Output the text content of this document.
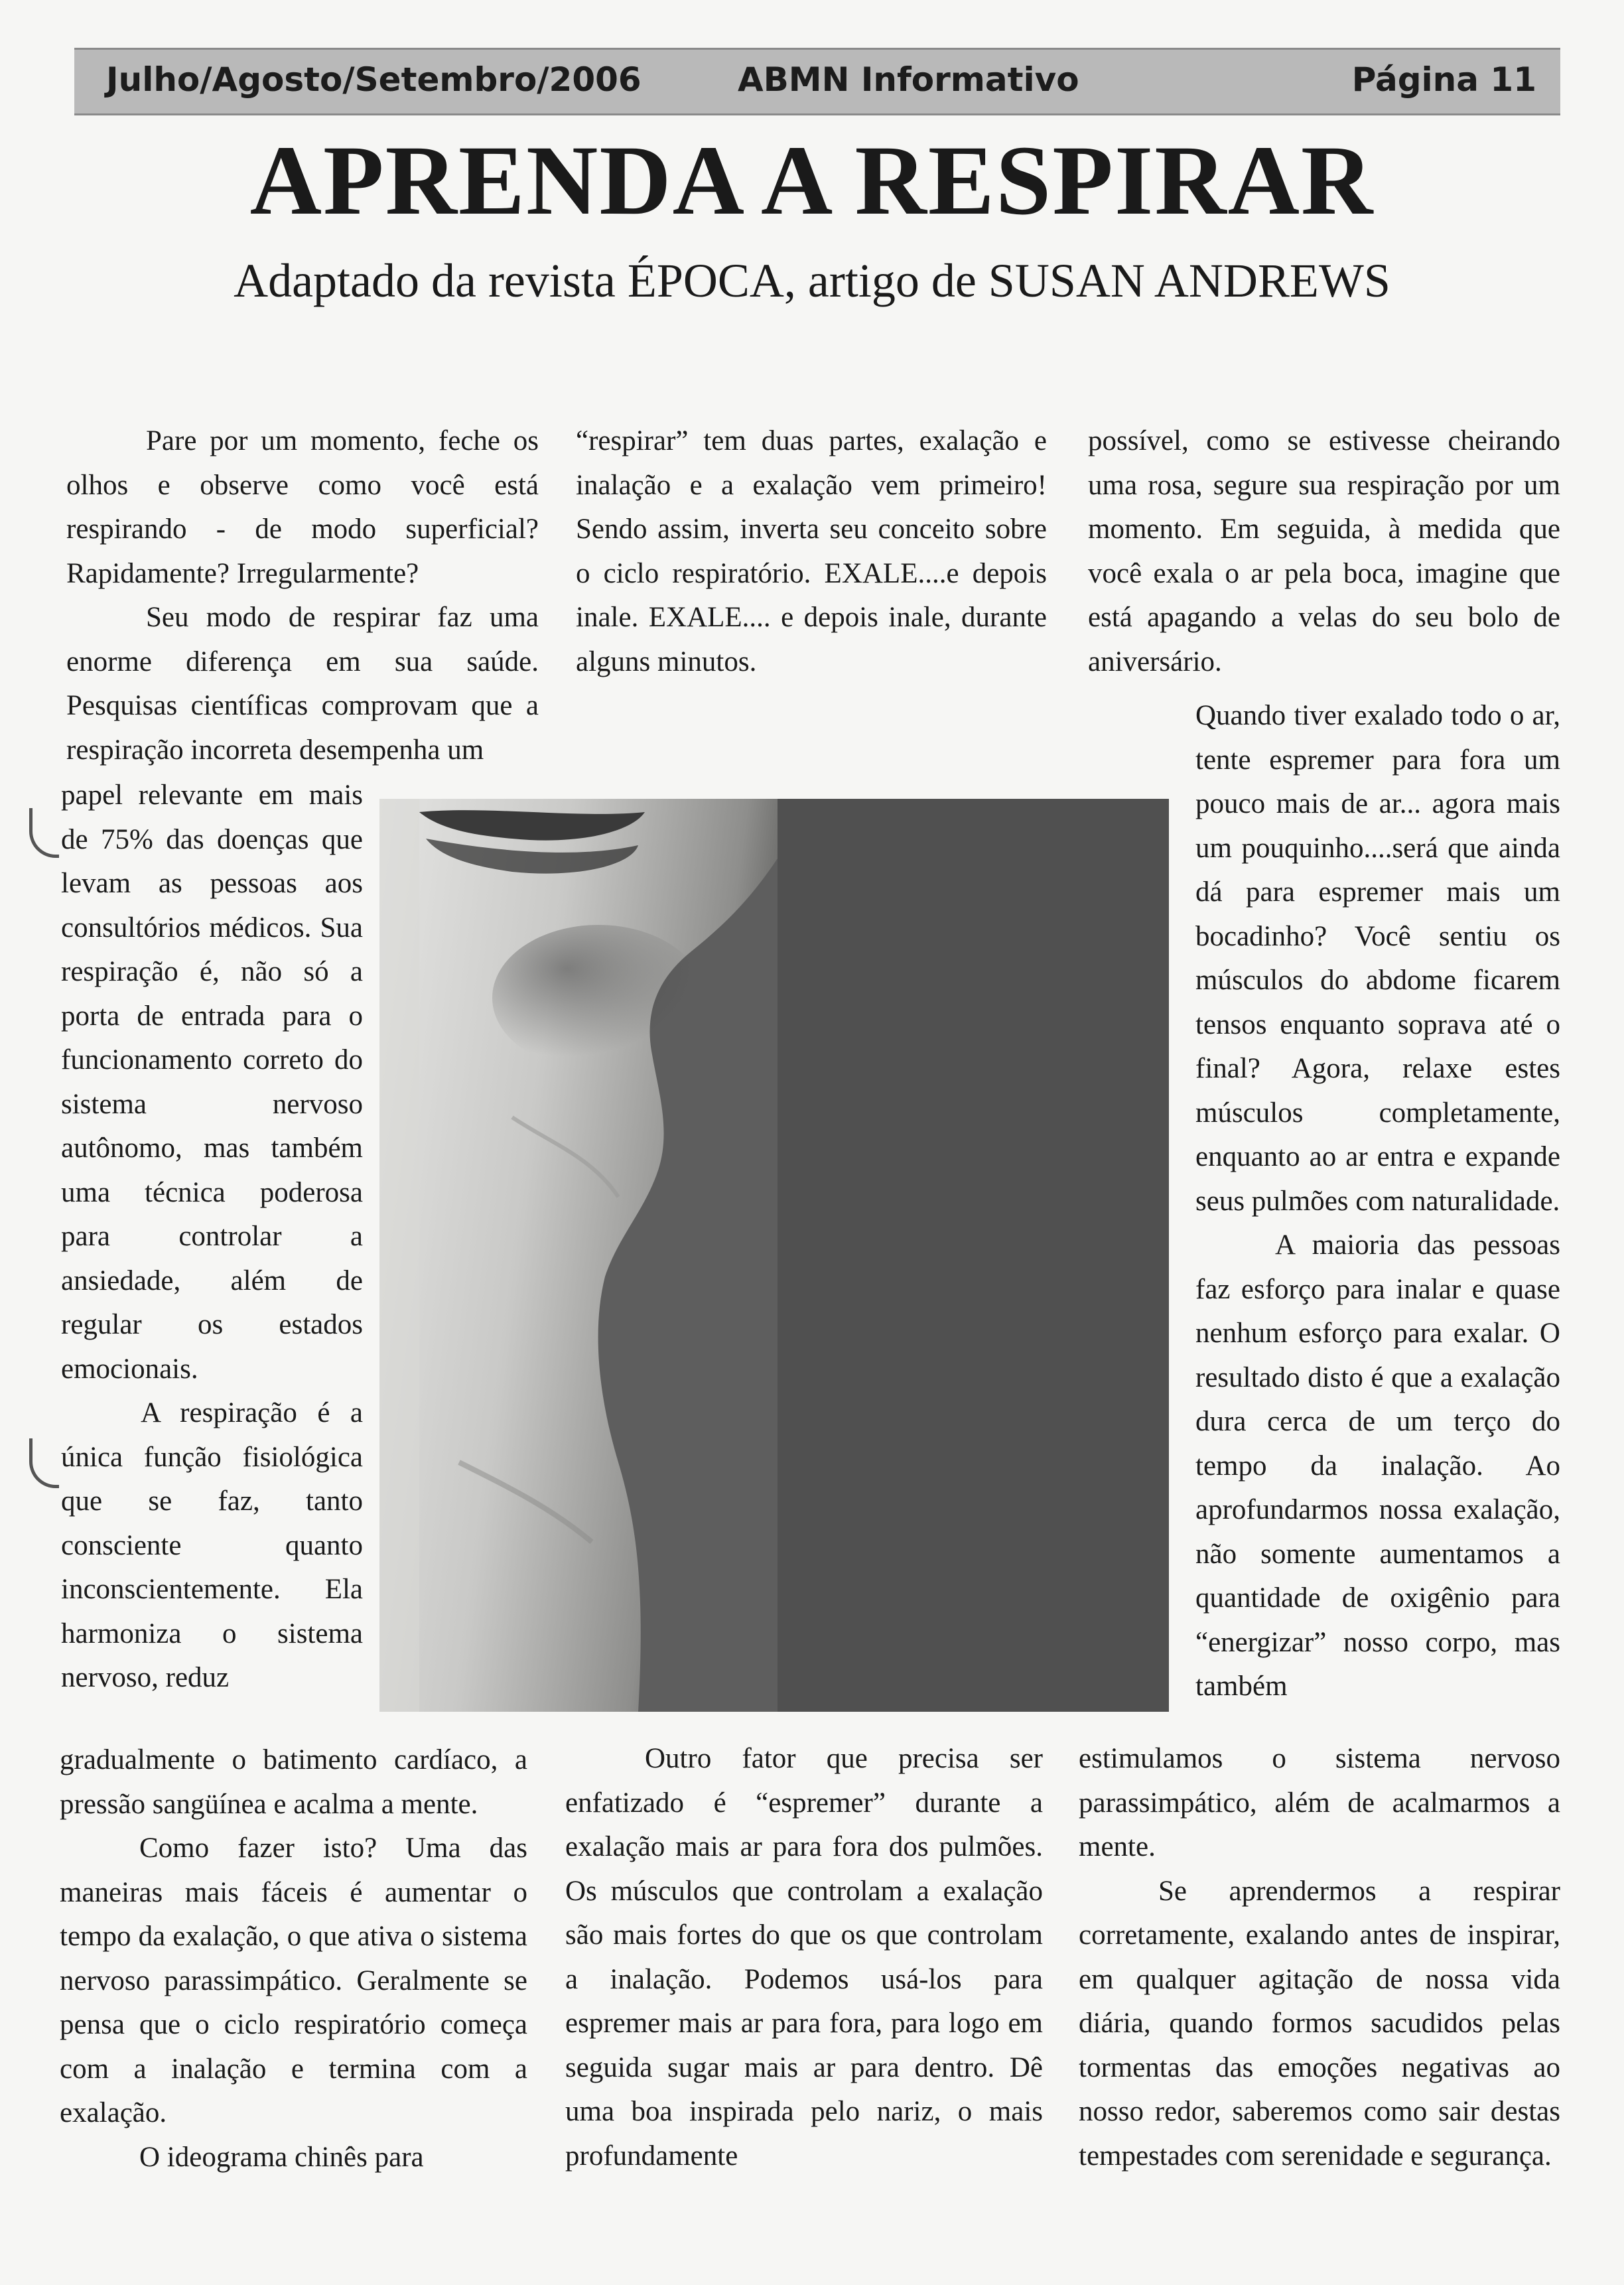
Julho/Agosto/Setembro/2006	ABMN Informativo	Página 11
APRENDA A RESPIRAR
Adaptado da revista ÉPOCA, artigo de SUSAN ANDREWS

Pare por um momento, feche os olhos e observe como você está respirando - de modo superficial? Rapidamente? Irregularmente?

Seu modo de respirar faz uma enorme diferença em sua saúde. Pesquisas científicas comprovam que a respiração incorreta desempenha um

papel relevante em mais de 75% das doenças que levam as pessoas aos consultórios médicos. Sua respiração é, não só a porta de entrada para o funcionamento correto do sistema nervoso autônomo, mas também uma técnica poderosa para controlar a ansiedade, além de regular os estados emocionais.

A respiração é a única função fisiológica que se faz, tanto consciente quanto inconscientemente. Ela harmoniza o sistema nervoso, reduz

gradualmente o batimento cardíaco, a pressão sangüínea e acalma a mente.

Como fazer isto? Uma das maneiras mais fáceis é aumentar o tempo da exalação, o que ativa o sistema nervoso parassimpático. Geralmente se pensa que o ciclo respiratório começa com a inalação e termina com a exalação.

O ideograma chinês para

“respirar” tem duas partes, exalação e inalação e a exalação vem primeiro! Sendo assim, inverta seu conceito sobre o ciclo respiratório. EXALE....e depois inale. EXALE.... e depois inale, durante alguns minutos.

Outro fator que precisa ser enfatizado é “espremer” durante a exalação mais ar para fora dos pulmões. Os músculos que controlam a exalação são mais fortes do que os que controlam a inalação. Podemos usá-los para espremer mais ar para fora, para logo em seguida sugar mais ar para dentro. Dê uma boa inspirada pelo nariz, o mais profundamente

possível, como se estivesse cheirando uma rosa, segure sua respiração por um momento. Em seguida, à medida que você exala o ar pela boca, imagine que está apagando a velas do seu bolo de aniversário.

Quando tiver exalado todo o ar, tente espremer para fora um pouco mais de ar... agora mais um pouquinho....será que ainda dá para espremer mais um bocadinho? Você sentiu os músculos do abdome ficarem tensos enquanto soprava até o final? Agora, relaxe estes músculos completamente, enquanto ao ar entra e expande seus pulmões com naturalidade.

A maioria das pessoas faz esforço para inalar e quase nenhum esforço para exalar. O resultado disto é que a exalação dura cerca de um terço do tempo da inalação. Ao aprofundarmos nossa exalação, não somente aumentamos a quantidade de oxigênio para “energizar” nosso corpo, mas também

estimulamos o sistema nervoso parassimpático, além de acalmarmos a mente.

Se aprendermos a respirar corretamente, exalando antes de inspirar, em qualquer agitação de nossa vida diária, quando formos sacudidos pelas tormentas das emoções negativas ao nosso redor, saberemos como sair destas tempestades com serenidade e segurança.
